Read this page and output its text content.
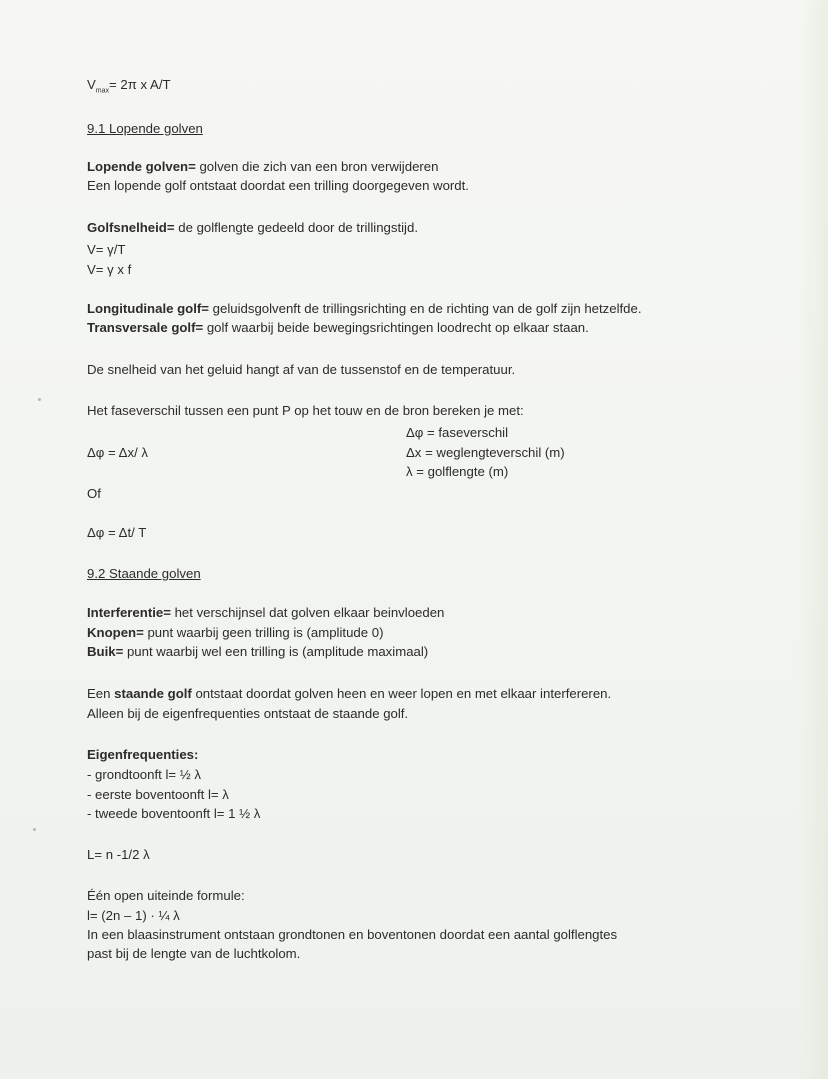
$V_{max}= 2\pi$ x A/T
9.1 Lopende golven
Lopende golven= golven die zich van een bron verwijderen
Een lopende golf ontstaat doordat een trilling doorgegeven wordt.
Golfsnelheid= de golflengte gedeeld door de trillingstijd.
V= γ/T
V= γ x f
Longitudinale golf= geluidsgolvenft de trillingsrichting en de richting van de golf zijn hetzelfde.
Transversale golf= golf waarbij beide bewegingsrichtingen loodrecht op elkaar staan.
De snelheid van het geluid hangt af van de tussenstof en de temperatuur.
Het faseverschil tussen een punt P op het touw en de bron bereken je met:
Δφ = faseverschil
Δφ = Δx/ λ	Δx = weglengteverschil (m)
λ = golflengte (m)
Of
Δφ = Δt/ T
9.2 Staande golven
Interferentie= het verschijnsel dat golven elkaar beinvloeden
Knopen= punt waarbij geen trilling is (amplitude 0)
Buik= punt waarbij wel een trilling is (amplitude maximaal)
Een staande golf ontstaat doordat golven heen en weer lopen en met elkaar interfereren.
Alleen bij de eigenfrequenties ontstaat de staande golf.
Eigenfrequenties:
- grondtoonft l= ½ λ
- eerste boventoonft l= λ
- tweede boventoonft l= 1 ½ λ
L= n -1/2 λ
Één open uiteinde formule:
l= (2n – 1) · ¼ λ
In een blaasinstrument ontstaan grondtonen en boventonen doordat een aantal golflengtes
past bij de lengte van de luchtkolom.
